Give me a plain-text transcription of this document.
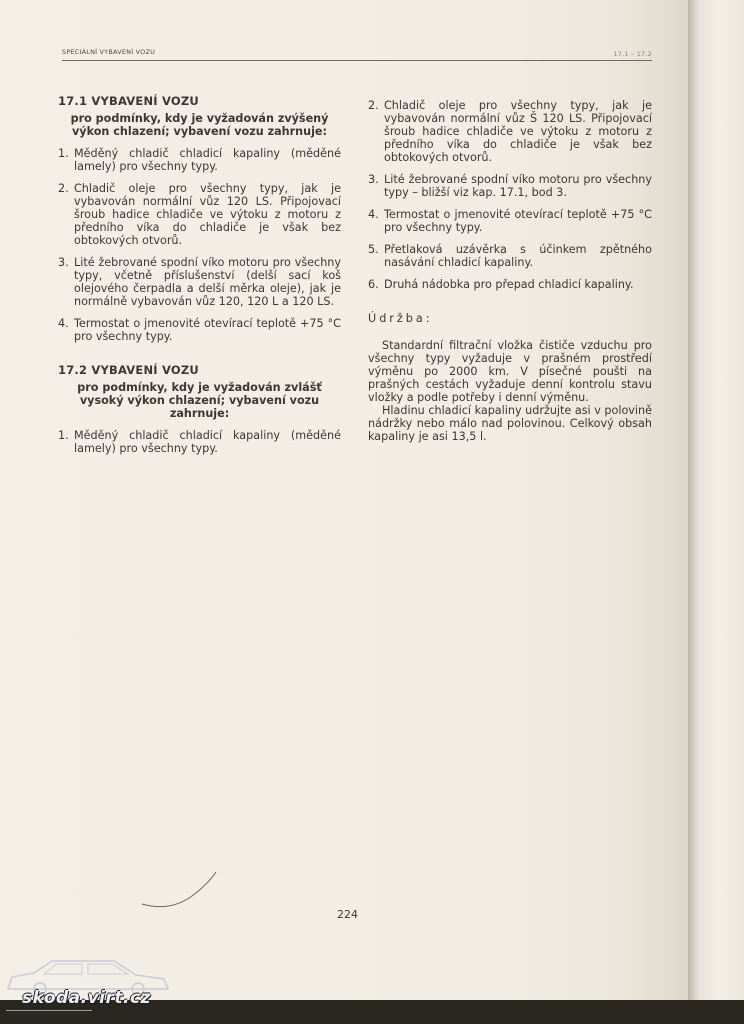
SPECIÁLNÍ VYBAVENÍ VOZU	17.1 – 17.2
17.1 VYBAVENÍ VOZU

pro podmínky, kdy je vyžadován zvýšený výkon chlazení; vybavení vozu zahrnuje:

1. Měděný chladič chladicí kapaliny (měděné lamely) pro všechny typy.
2. Chladič oleje pro všechny typy, jak je vybavován normální vůz 120 LS. Připojovací šroub hadice chladiče ve výtoku z motoru z předního víka do chladiče je však bez obtokových otvorů.
3. Lité žebrované spodní víko motoru pro všechny typy, včetně příslušenství (delší sací koš olejového čerpadla a delší měrka oleje), jak je normálně vybavován vůz 120, 120 L a 120 LS.
4. Termostat o jmenovité otevírací teplotě +75 °C pro všechny typy.
17.2 VYBAVENÍ VOZU

pro podmínky, kdy je vyžadován zvlášť vysoký výkon chlazení; vybavení vozu zahrnuje:

1. Měděný chladič chladicí kapaliny (měděné lamely) pro všechny typy.
2. Chladič oleje pro všechny typy, jak je vybavován normální vůz Š 120 LS. Připojovací šroub hadice chladiče ve výtoku z motoru z předního víka do chladiče je však bez obtokových otvorů.
3. Lité žebrované spodní víko motoru pro všechny typy – bližší viz kap. 17.1, bod 3.
4. Termostat o jmenovité otevírací teplotě +75 °C pro všechny typy.
5. Přetlaková uzávěrka s účinkem zpětného nasávání chladicí kapaliny.
6. Druhá nádobka pro přepad chladicí kapaliny.

Údržba:

Standardní filtrační vložka čističe vzduchu pro všechny typy vyžaduje v prašném prostředí výměnu po 2000 km. V písečné poušti na prašných cestách vyžaduje denní kontrolu stavu vložky a podle potřeby i denní výměnu.

Hladinu chladicí kapaliny udržujte asi v polovině nádržky nebo málo nad polovinou. Celkový obsah kapaliny je asi 13,5 l.

224
skoda.virt.cz
